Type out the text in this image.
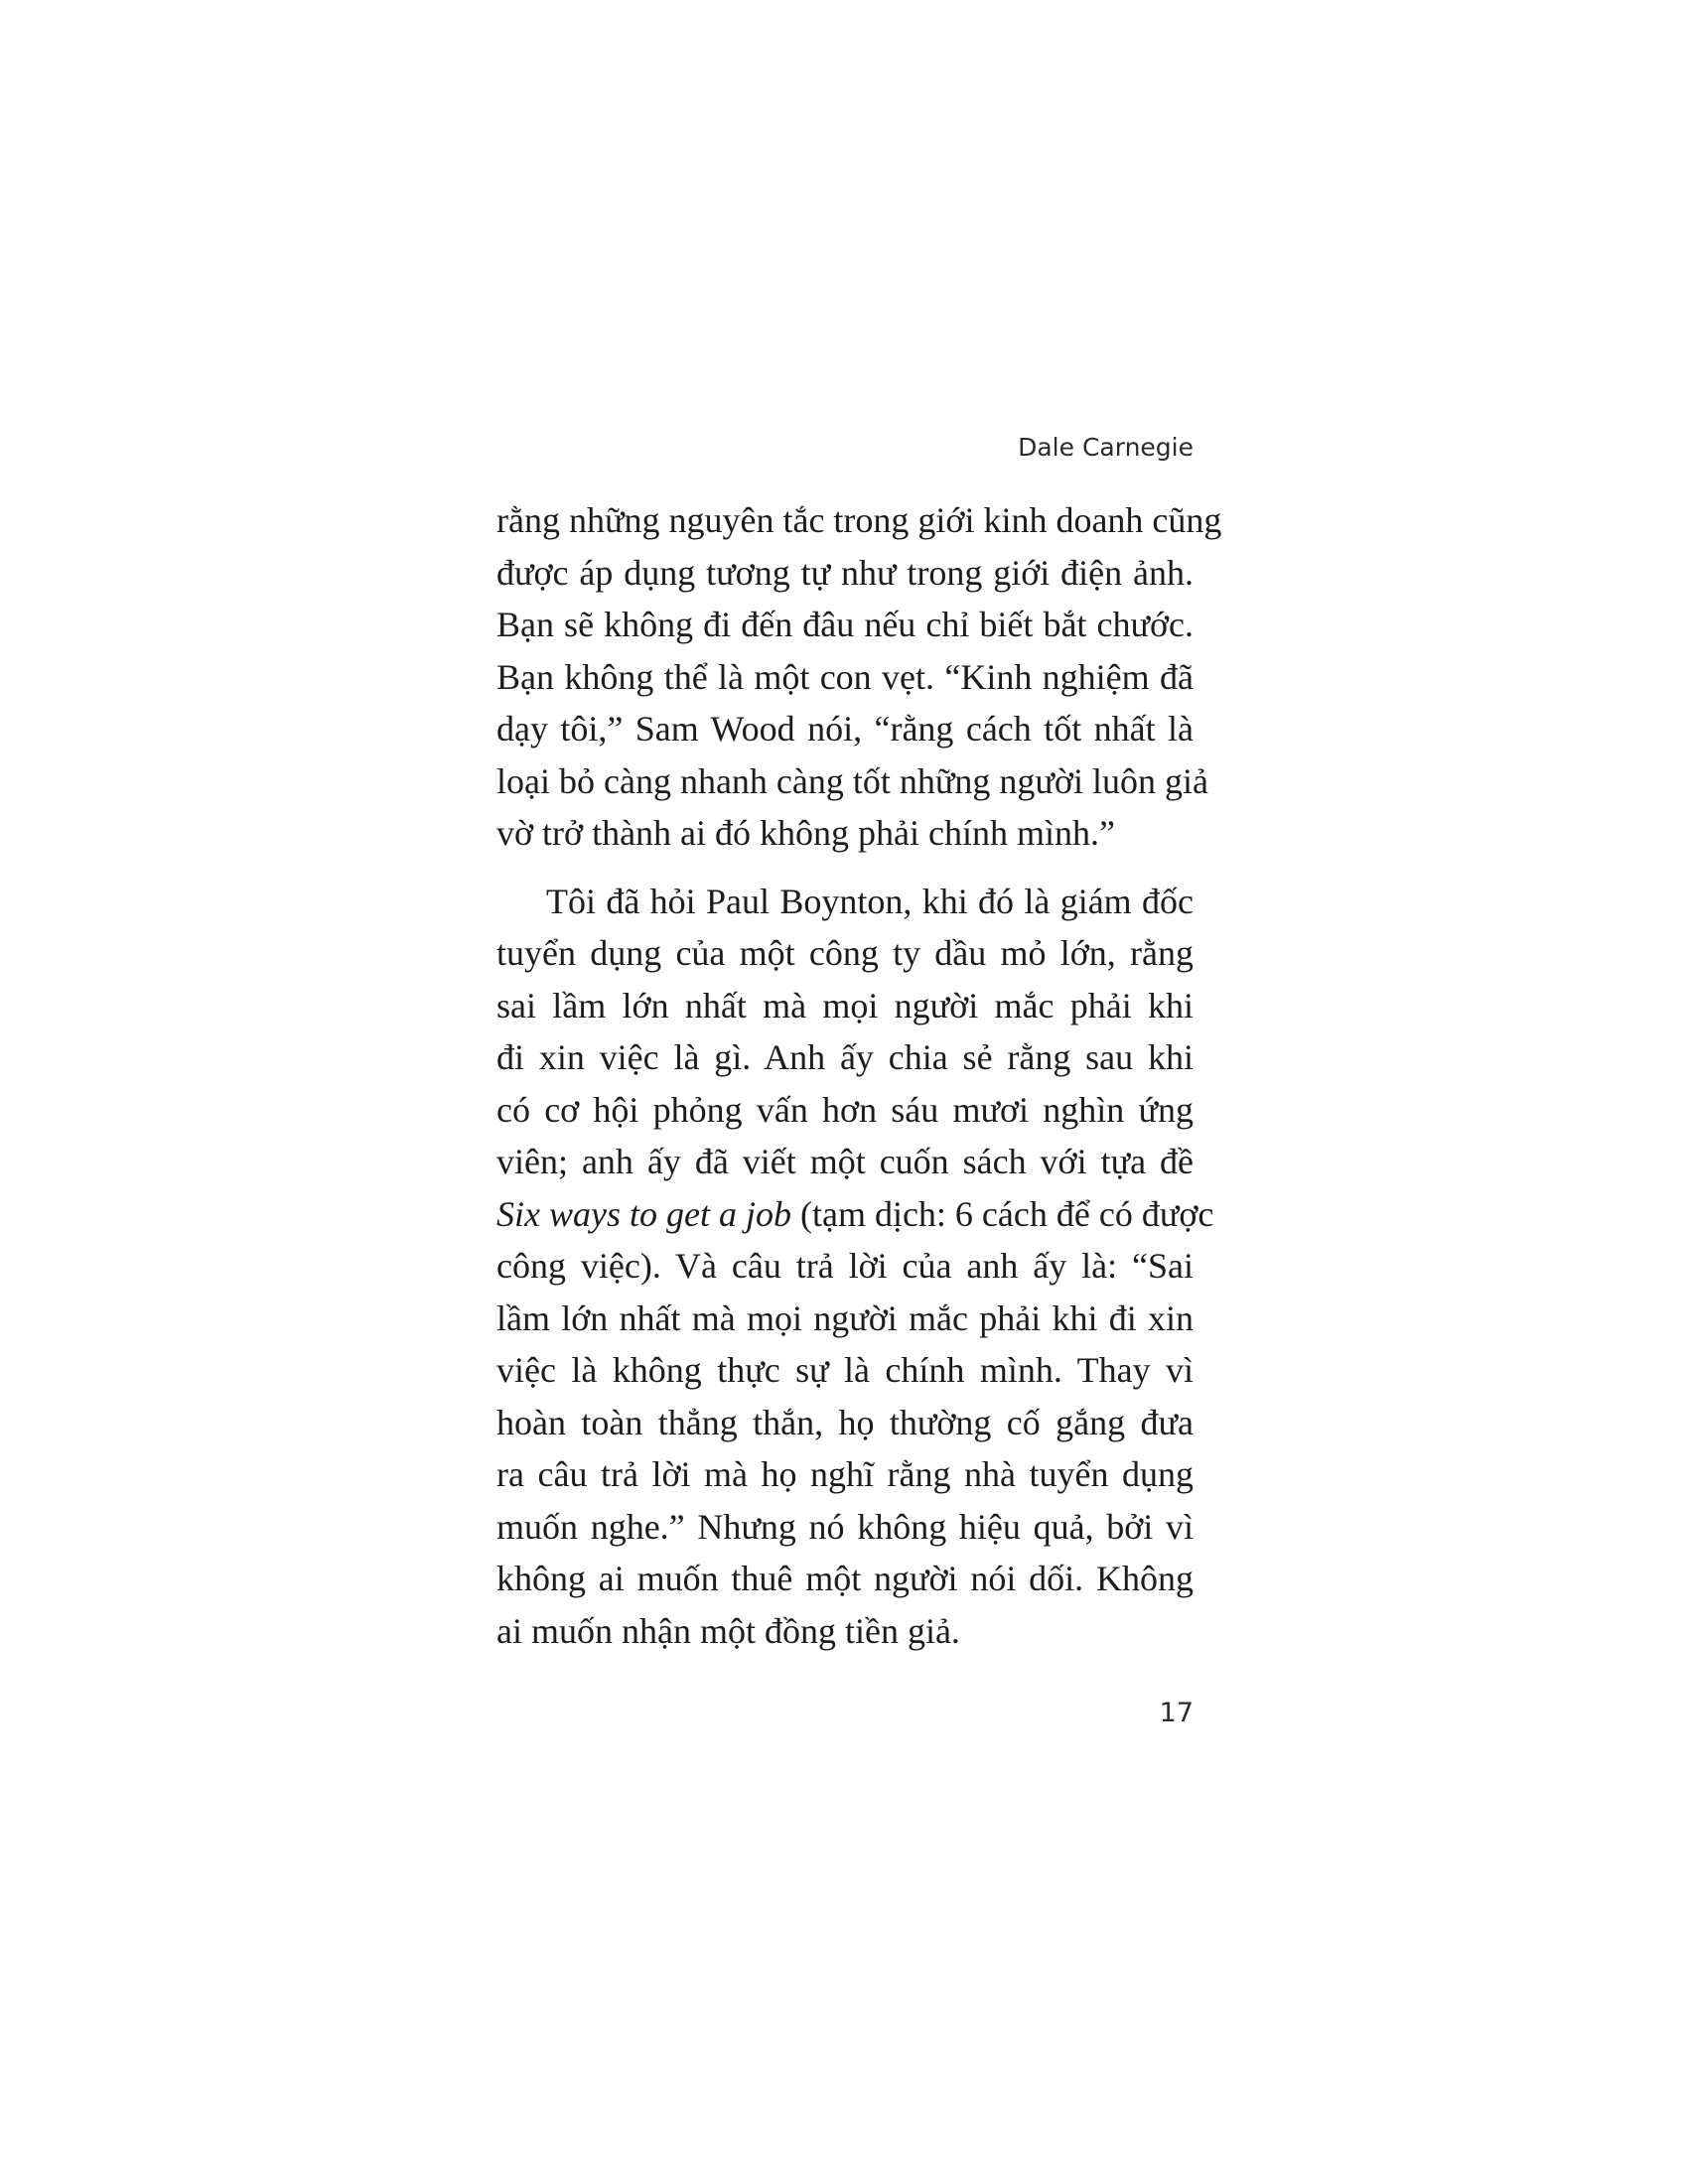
Dale Carnegie
rằng những nguyên tắc trong giới kinh doanh cũng
được áp dụng tương tự như trong giới điện ảnh.
Bạn sẽ không đi đến đâu nếu chỉ biết bắt chước.
Bạn không thể là một con vẹt. “Kinh nghiệm đã
dạy tôi,” Sam Wood nói, “rằng cách tốt nhất là
loại bỏ càng nhanh càng tốt những người luôn giả
vờ trở thành ai đó không phải chính mình.”
Tôi đã hỏi Paul Boynton, khi đó là giám đốc
tuyển dụng của một công ty dầu mỏ lớn, rằng
sai lầm lớn nhất mà mọi người mắc phải khi
đi xin việc là gì. Anh ấy chia sẻ rằng sau khi
có cơ hội phỏng vấn hơn sáu mươi nghìn ứng
viên; anh ấy đã viết một cuốn sách với tựa đề
Six ways to get a job (tạm dịch: 6 cách để có được
công việc). Và câu trả lời của anh ấy là: “Sai
lầm lớn nhất mà mọi người mắc phải khi đi xin
việc là không thực sự là chính mình. Thay vì
hoàn toàn thẳng thắn, họ thường cố gắng đưa
ra câu trả lời mà họ nghĩ rằng nhà tuyển dụng
muốn nghe.” Nhưng nó không hiệu quả, bởi vì
không ai muốn thuê một người nói dối. Không
ai muốn nhận một đồng tiền giả.
17
